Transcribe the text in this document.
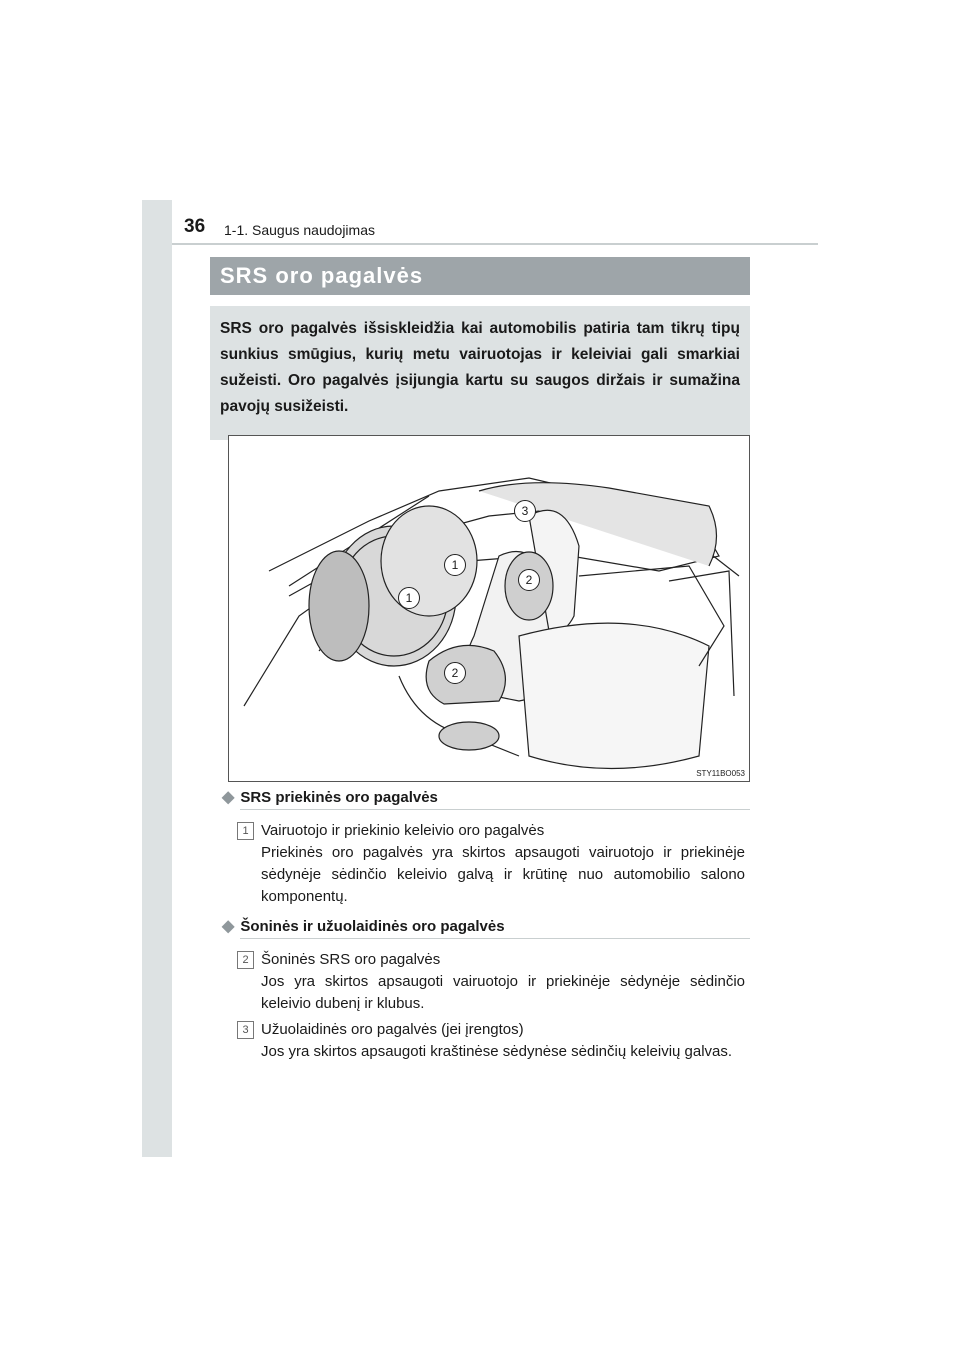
36 1-1. Saugus naudojimas
SRS oro pagalvės
SRS oro pagalvės išsiskleidžia kai automobilis patiria tam tikrų tipų sunkius smūgius, kurių metu vairuotojas ir keleiviai gali smarkiai sužeisti. Oro pagalvės įsijungia kartu su saugos diržais ir sumažina pavojų susižeisti.
3
1
2
1
2
STY11BO053
◆ SRS priekinės oro pagalvės
1 Vairuotojo ir priekinio keleivio oro pagalvės
Priekinės oro pagalvės yra skirtos apsaugoti vairuotojo ir priekinėje sėdynėje sėdinčio keleivio galvą ir krūtinę nuo automobilio salono komponentų.
◆ Šoninės ir užuolaidinės oro pagalvės
2 Šoninės SRS oro pagalvės
Jos yra skirtos apsaugoti vairuotojo ir priekinėje sėdynėje sėdinčio keleivio dubenį ir klubus.
3 Užuolaidinės oro pagalvės (jei įrengtos)
Jos yra skirtos apsaugoti kraštinėse sėdynėse sėdinčių keleivių galvas.
